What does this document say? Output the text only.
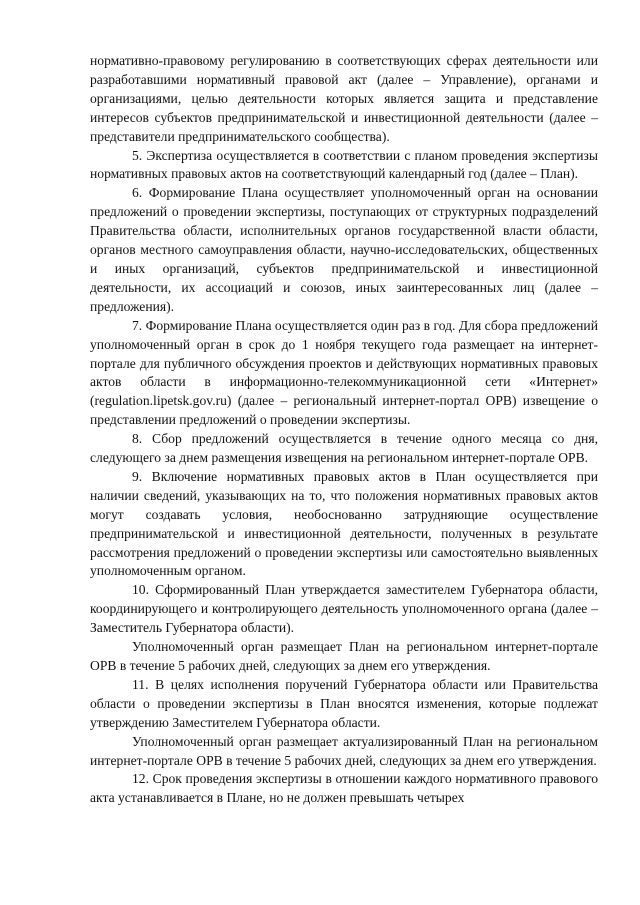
нормативно-правовому регулированию в соответствующих сферах деятельности или разработавшими нормативный правовой акт (далее – Управление), органами и организациями, целью деятельности которых является защита и представление интересов субъектов предпринимательской и инвестиционной деятельности (далее – представители предпринимательского сообщества).

5. Экспертиза осуществляется в соответствии с планом проведения экспертизы нормативных правовых актов на соответствующий календарный год (далее – План).

6. Формирование Плана осуществляет уполномоченный орган на основании предложений о проведении экспертизы, поступающих от структурных подразделений Правительства области, исполнительных органов государственной власти области, органов местного самоуправления области, научно-исследовательских, общественных и иных организаций, субъектов предпринимательской и инвестиционной деятельности, их ассоциаций и союзов, иных заинтересованных лиц (далее – предложения).

7. Формирование Плана осуществляется один раз в год. Для сбора предложений уполномоченный орган в срок до 1 ноября текущего года размещает на интернет-портале для публичного обсуждения проектов и действующих нормативных правовых актов области в информационно-телекоммуникационной сети «Интернет» (regulation.lipetsk.gov.ru) (далее – региональный интернет-портал ОРВ) извещение о представлении предложений о проведении экспертизы.

8. Сбор предложений осуществляется в течение одного месяца со дня, следующего за днем размещения извещения на региональном интернет-портале ОРВ.

9. Включение нормативных правовых актов в План осуществляется при наличии сведений, указывающих на то, что положения нормативных правовых актов могут создавать условия, необоснованно затрудняющие осуществление предпринимательской и инвестиционной деятельности, полученных в результате рассмотрения предложений о проведении экспертизы или самостоятельно выявленных уполномоченным органом.

10. Сформированный План утверждается заместителем Губернатора области, координирующего и контролирующего деятельность уполномоченного органа (далее – Заместитель Губернатора области).

Уполномоченный орган размещает План на региональном интернет-портале ОРВ в течение 5 рабочих дней, следующих за днем его утверждения.

11. В целях исполнения поручений Губернатора области или Правительства области о проведении экспертизы в План вносятся изменения, которые подлежат утверждению Заместителем Губернатора области.

Уполномоченный орган размещает актуализированный План на региональном интернет-портале ОРВ в течение 5 рабочих дней, следующих за днем его утверждения.

12. Срок проведения экспертизы в отношении каждого нормативного правового акта устанавливается в Плане, но не должен превышать четырех
